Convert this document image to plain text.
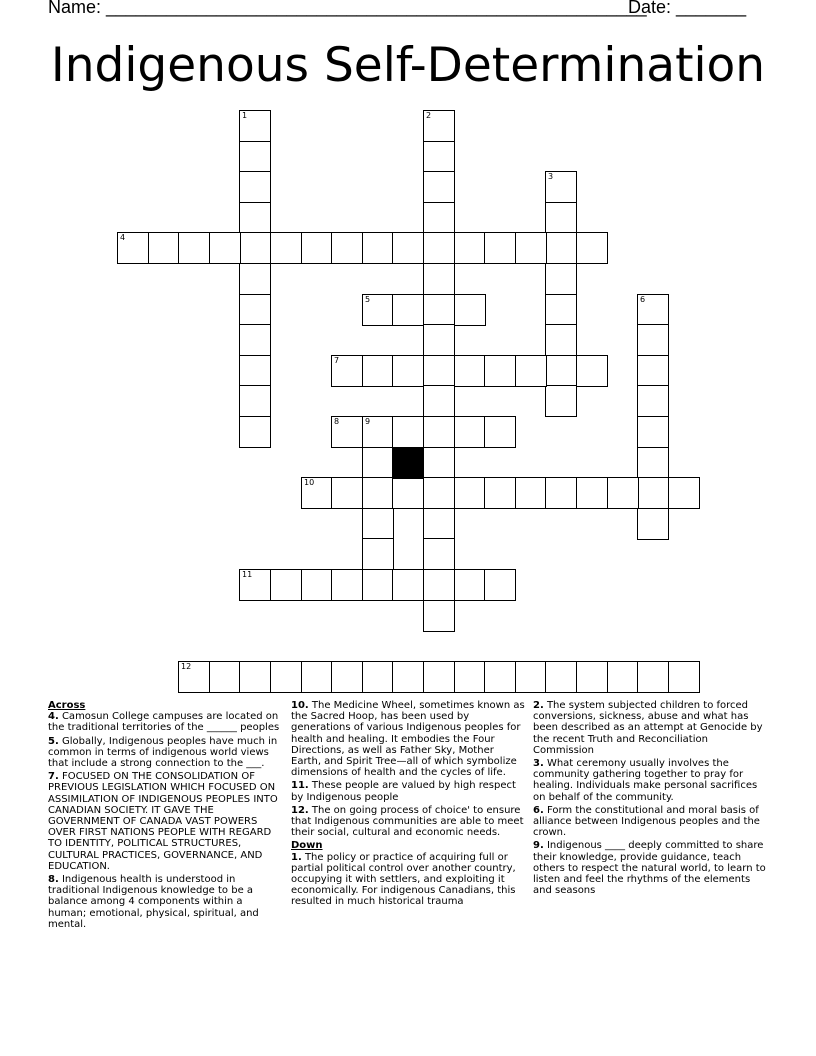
Name: ______________________________________________________
Date: _______
Indigenous Self-Determination
1	2
3
4
5	6
7
8	9
10
11
12
Across
4. Camosun College campuses are located on the traditional territories of the ______ peoples
5. Globally, Indigenous peoples have much in common in terms of indigenous world views that include a strong connection to the ___.
7. FOCUSED ON THE CONSOLIDATION OF PREVIOUS LEGISLATION WHICH FOCUSED ON ASSIMILATION OF INDIGENOUS PEOPLES INTO CANADIAN SOCIETY. IT GAVE THE GOVERNMENT OF CANADA VAST POWERS OVER FIRST NATIONS PEOPLE WITH REGARD TO IDENTITY, POLITICAL STRUCTURES, CULTURAL PRACTICES, GOVERNANCE, AND EDUCATION.
8. Indigenous health is understood in traditional Indigenous knowledge to be a balance among 4 components within a human; emotional, physical, spiritual, and mental.
10. The Medicine Wheel, sometimes known as the Sacred Hoop, has been used by generations of various Indigenous peoples for health and healing. It embodies the Four Directions, as well as Father Sky, Mother Earth, and Spirit Tree—all of which symbolize dimensions of health and the cycles of life.
11. These people are valued by high respect by Indigenous people
12. The on going process of choice' to ensure that Indigenous communities are able to meet their social, cultural and economic needs.
Down
1. The policy or practice of acquiring full or partial political control over another country, occupying it with settlers, and exploiting it economically. For indigenous Canadians, this resulted in much historical trauma
2. The system subjected children to forced conversions, sickness, abuse and what has been described as an attempt at Genocide by the recent Truth and Reconciliation Commission
3. What ceremony usually involves the community gathering together to pray for healing. Individuals make personal sacrifices on behalf of the community.
6. Form the constitutional and moral basis of alliance between Indigenous peoples and the crown.
9. Indigenous ____ deeply committed to share their knowledge, provide guidance, teach others to respect the natural world, to learn to listen and feel the rhythms of the elements and seasons
